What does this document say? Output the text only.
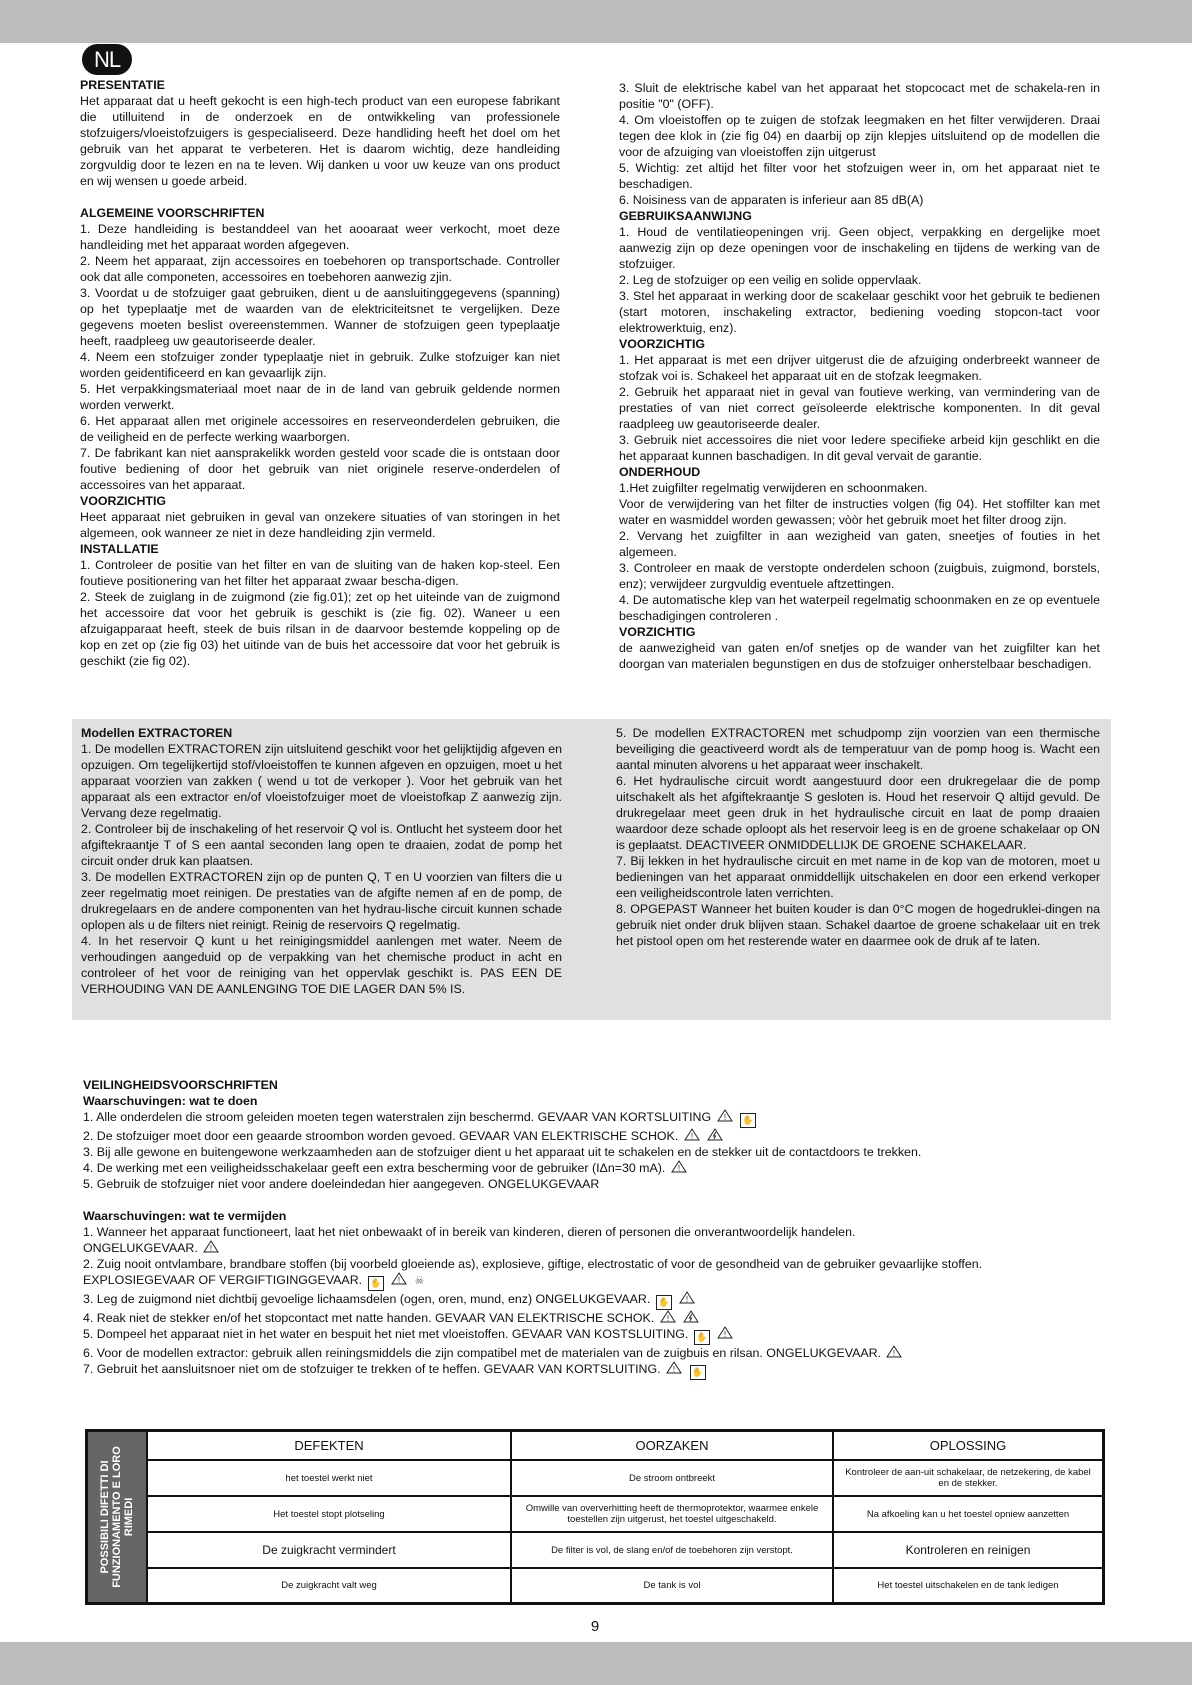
NL
PRESENTATIE

Het apparaat dat u heeft gekocht is een high-tech product van een europese fabrikant die utilluitend in de onderzoek en de ontwikkeling van professionele stofzuigers/vloeistofzuigers is gespecialiseerd. Deze handliding heeft het doel om het gebruik van het apparat te verbeteren. Het is daarom wichtig, deze handleiding zorgvuldig door te lezen en na te leven. Wij danken u voor uw keuze van ons product en wij wensen u goede arbeid.

ALGEMEINE VOORSCHRIFTEN

1. Deze handleiding is bestanddeel van het aooaraat weer verkocht, moet deze handleiding met het apparaat worden afgegeven.

2. Neem het apparaat, zijn accessoires en toebehoren op transportschade. Controller ook dat alle componeten, accessoires en toebehoren aanwezig zjin.

3. Voordat u de stofzuiger gaat gebruiken, dient u de aansluitinggegevens (spanning) op het typeplaatje met de waarden van de elektriciteitsnet te vergelijken. Deze gegevens moeten beslist overeenstemmen. Wanner de stofzuigen geen typeplaatje heeft, raadpleeg uw geautoriseerde dealer.

4. Neem een stofzuiger zonder typeplaatje niet in gebruik. Zulke stofzuiger kan niet worden geidentificeerd en kan gevaarlijk zijn.

5. Het verpakkingsmateriaal moet naar de in de land van gebruik geldende normen worden verwerkt.

6. Het apparaat allen met originele accessoires en reserveonderdelen gebruiken, die de veiligheid en de perfecte werking waarborgen.

7. De fabrikant kan niet aansprakelikk worden gesteld voor scade die is ontstaan door foutive bediening of door het gebruik van niet originele reserve-onderdelen of accessoires van het apparaat.

VOORZICHTIG

Heet apparaat niet gebruiken in geval van onzekere situaties of van storingen in het algemeen, ook wanneer ze niet in deze handleiding zjin vermeld.

INSTALLATIE

1. Controleer de positie van het filter en van de sluiting van de haken kop-steel. Een foutieve positionering van het filter het apparaat zwaar bescha-digen.

2. Steek de zuiglang in de zuigmond (zie fig.01); zet op het uiteinde van de zuigmond het accessoire dat voor het gebruik is geschikt is (zie fig. 02). Waneer u een afzuigapparaat heeft, steek de buis rilsan in de daarvoor bestemde koppeling op de kop en zet op (zie fig 03) het uitinde van de buis het accessoire dat voor het gebruik is geschikt (zie fig 02).

3. Sluit de elektrische kabel van het apparaat het stopcocact met de schakela-ren in positie "0" (OFF).

4. Om vloeistoffen op te zuigen de stofzak leegmaken en het filter verwijderen. Draai tegen dee klok in (zie fig 04) en daarbij op zijn klepjes uitsluitend op de modellen die voor de afzuiging van vloeistoffen zijn uitgerust

5. Wichtig: zet altijd het filter voor het stofzuigen weer in, om het apparaat niet te beschadigen.

6. Noisiness van de apparaten is inferieur aan 85 dB(A)

GEBRUIKSAANWIJNG

1. Houd de ventilatieopeningen vrij. Geen object, verpakking en dergelijke moet aanwezig zijn op deze openingen voor de inschakeling en tijdens de werking van de stofzuiger.

2. Leg de stofzuiger op een veilig en solide oppervlaak.

3. Stel het apparaat in werking door de scakelaar geschikt voor het gebruik te bedienen (start motoren, inschakeling extractor, bediening voeding stopcon-tact voor elektrowerktuig, enz).

VOORZICHTIG

1. Het apparaat is met een drijver uitgerust die de afzuiging onderbreekt wanneer de stofzak voi is. Schakeel het apparaat uit en de stofzak leegmaken.

2. Gebruik het apparaat niet in geval van foutieve werking, van vermindering van de prestaties of van niet correct geïsoleerde elektrische komponenten. In dit geval raadpleeg uw geautoriseerde dealer.

3. Gebruik niet accessoires die niet voor Iedere specifieke arbeid kijn geschlikt en die het apparaat kunnen baschadigen. In dit geval vervait de garantie.

ONDERHOUD

1.Het zuigfilter regelmatig verwijderen en schoonmaken.

Voor de verwijdering van het filter de instructies volgen (fig 04). Het stoffilter kan met water en wasmiddel worden gewassen; vòòr het gebruik moet het filter droog zijn.

2. Vervang het zuigfilter in aan wezigheid van gaten, sneetjes of fouties in het algemeen.

3. Controleer en maak de verstopte onderdelen schoon (zuigbuis, zuigmond, borstels, enz); verwijdeer zurgvuldig eventuele aftzettingen.

4. De automatische klep van het waterpeil regelmatig schoonmaken en ze op eventuele beschadigingen controleren .

VORZICHTIG

de aanwezigheid van gaten en/of snetjes op de wander van het zuigfilter kan het doorgan van materialen begunstigen en dus de stofzuiger onherstelbaar beschadigen.

Modellen EXTRACTOREN

1. De modellen EXTRACTOREN zijn uitsluitend geschikt voor het gelijktijdig afgeven en opzuigen. Om tegelijkertijd stof/vloeistoffen te kunnen afgeven en opzuigen, moet u het apparaat voorzien van zakken ( wend u tot de verkoper ). Voor het gebruik van het apparaat als een extractor en/of vloeistofzuiger moet de vloeistofkap Z aanwezig zijn. Vervang deze regelmatig.

2. Controleer bij de inschakeling of het reservoir Q vol is. Ontlucht het systeem door het afgiftekraantje T of S een aantal seconden lang open te draaien, zodat de pomp het circuit onder druk kan plaatsen.

3. De modellen EXTRACTOREN zijn op de punten Q, T en U voorzien van filters die u zeer regelmatig moet reinigen. De prestaties van de afgifte nemen af en de pomp, de drukregelaars en de andere componenten van het hydrau-lische circuit kunnen schade oplopen als u de filters niet reinigt. Reinig de reservoirs Q regelmatig.

4. In het reservoir Q kunt u het reinigingsmiddel aanlengen met water. Neem de verhoudingen aangeduid op de verpakking van het chemische product in acht en controleer of het voor de reiniging van het oppervlak geschikt is. PAS EEN DE VERHOUDING VAN DE AANLENGING TOE DIE LAGER DAN 5% IS.

5. De modellen EXTRACTOREN met schudpomp zijn voorzien van een thermische beveiliging die geactiveerd wordt als de temperatuur van de pomp hoog is. Wacht een aantal minuten alvorens u het apparaat weer inschakelt.

6. Het hydraulische circuit wordt aangestuurd door een drukregelaar die de pomp uitschakelt als het afgiftekraantje S gesloten is. Houd het reservoir Q altijd gevuld. De drukregelaar meet geen druk in het hydraulische circuit en laat de pomp draaien waardoor deze schade oploopt als het reservoir leeg is en de groene schakelaar op ON is geplaatst. DEACTIVEER ONMIDDELLIJK DE GROENE SCHAKELAAR.

7. Bij lekken in het hydraulische circuit en met name in de kop van de motoren, moet u bedieningen van het apparaat onmiddellijk uitschakelen en door een erkend verkoper een veiligheidscontrole laten verrichten.

8. OPGEPAST Wanneer het buiten kouder is dan 0°C mogen de hogedruklei-dingen na gebruik niet onder druk blijven staan. Schakel daartoe de groene schakelaar uit en trek het pistool open om het resterende water en daarmee ook de druk af te laten.

VEILINGHEIDSVOORSCHRIFTEN
Waarschuvingen: wat te doen

1. Alle onderdelen die stroom geleiden moeten tegen waterstralen zijn beschermd. GEVAAR VAN KORTSLUITING ! ✋

2. De stofzuiger moet door een geaarde stroombon worden gevoed. GEVAAR VAN ELEKTRISCHE SCHOK. !

3. Bij alle gewone en buitengewone werkzaamheden aan de stofzuiger dient u het apparaat uit te schakelen en de stekker uit de contactdoors te trekken.

4. De werking met een veiligheidsschakelaar geeft een extra bescherming voor de gebruiker (IΔn=30 mA). !

5. Gebruik de stofzuiger niet voor andere doeleindedan hier aangegeven. ONGELUKGEVAAR

Waarschuvingen: wat te vermijden

1. Wanneer het apparaat functioneert, laat het niet onbewaakt of in bereik van kinderen, dieren of personen die onverantwoordelijk handelen.

ONGELUKGEVAAR. !

2. Zuig nooit ontvlambare, brandbare stoffen (bij voorbeld gloeiende as), explosieve, giftige, electrostatic of voor de gesondheid van de gebruiker gevaarlijke stoffen.

EXPLOSIEGEVAAR OF VERGIFTIGINGGEVAAR. ✋ ! ☠

3. Leg de zuigmond niet dichtbij gevoelige lichaamsdelen (ogen, oren, mund, enz) ONGELUKGEVAAR. ✋ !

4. Reak niet de stekker en/of het stopcontact met natte handen. GEVAAR VAN ELEKTRISCHE SCHOK. !

5. Dompeel het apparaat niet in het water en bespuit het niet met vloeistoffen. GEVAAR VAN KOSTSLUITING. ✋ !

6. Voor de modellen extractor: gebruik allen reiningsmiddels die zijn compatibel met de materialen van de zuigbuis en rilsan. ONGELUKGEVAAR. !

7. Gebruit het aansluitsnoer niet om de stofzuiger te trekken of te heffen. GEVAAR VAN KORTSLUITING. ! ✋

POSSIBILI DIFETTI DI FUNZIONAMENTO E LORO RIMEDI
DEFEKTEN	OORZAKEN	OPLOSSING
het toestel werkt niet	De stroom ontbreekt	Kontroleer de aan-uit schakelaar, de netzekering, de kabel en de stekker.
Het toestel stopt plotseling	Omwille van oververhitting heeft de thermoprotektor, waarmee enkele toestellen zijn uitgerust, het toestel uitgeschakeld.	Na afkoeling kan u het toestel opniew aanzetten
De zuigkracht vermindert	De filter is vol, de slang en/of de toebehoren zijn verstopt.	Kontroleren en reinigen
De zuigkracht valt weg	De tank is vol	Het toestel uitschakelen en de tank ledigen
9
